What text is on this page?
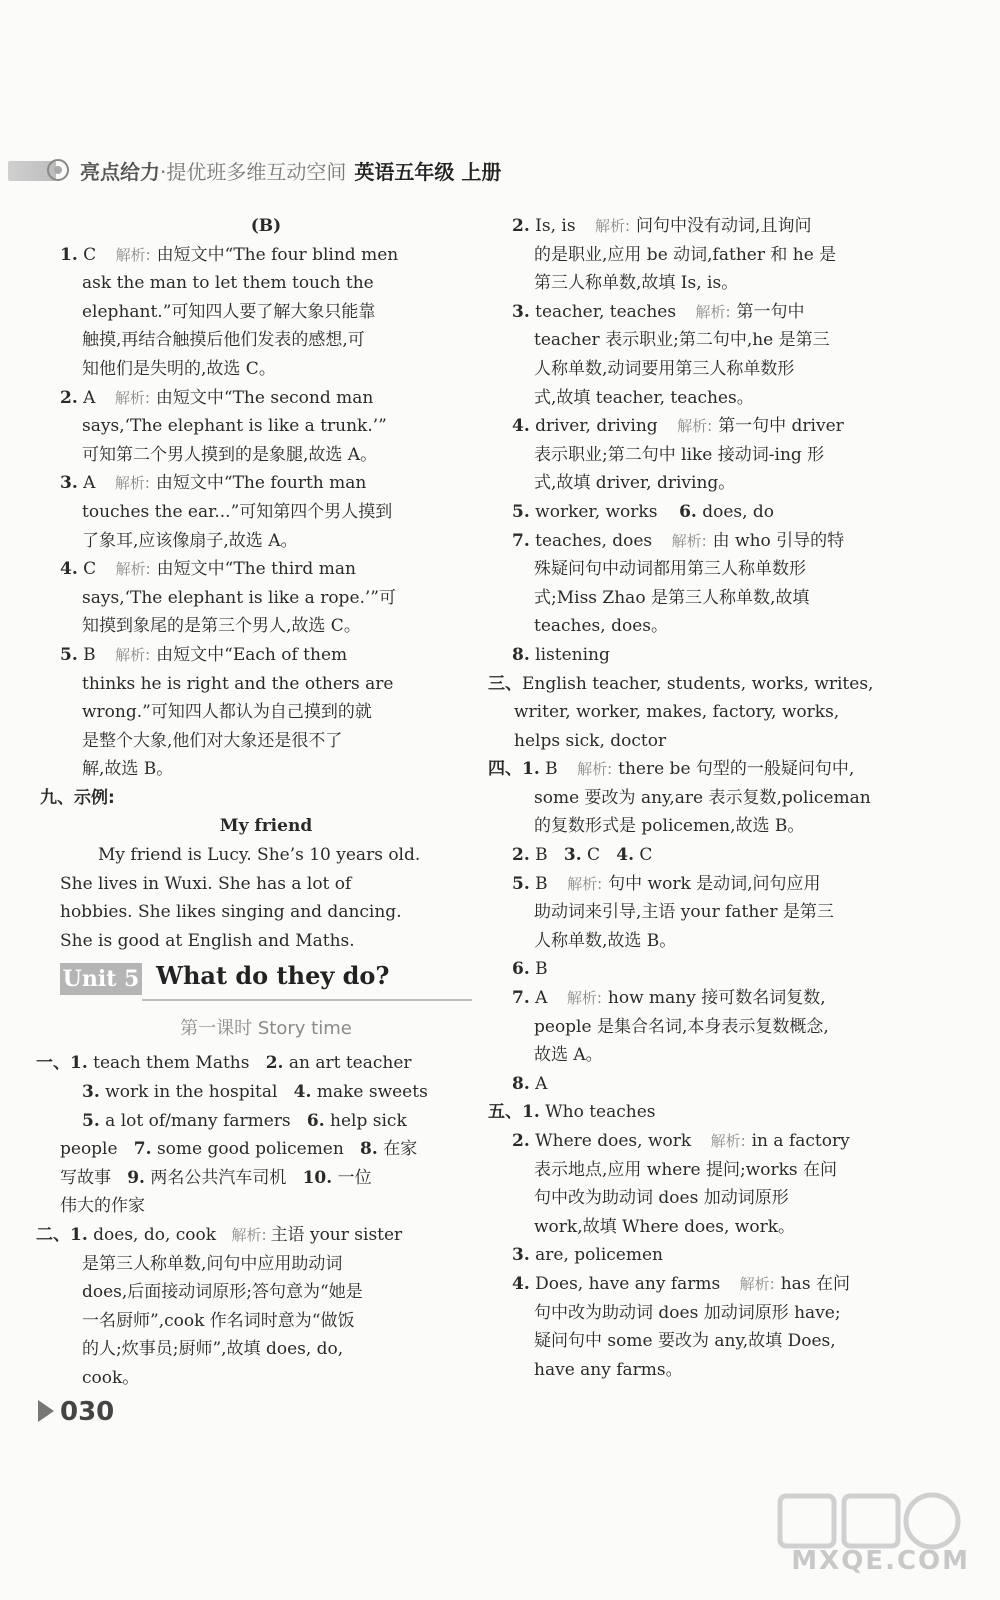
亮点给力·提优班多维互动空间 英语五年级 上册
(B)
1. C 解析: 由短文中“The four blind men
ask the man to let them touch the
elephant.”可知四人要了解大象只能靠
触摸,再结合触摸后他们发表的感想,可
知他们是失明的,故选 C。
2. A 解析: 由短文中“The second man
says,‘The elephant is like a trunk.’”
可知第二个男人摸到的是象腿,故选 A。
3. A 解析: 由短文中“The fourth man
touches the ear...”可知第四个男人摸到
了象耳,应该像扇子,故选 A。
4. C 解析: 由短文中“The third man
says,‘The elephant is like a rope.’”可
知摸到象尾的是第三个男人,故选 C。
5. B 解析: 由短文中“Each of them
thinks he is right and the others are
wrong.”可知四人都认为自己摸到的就
是整个大象,他们对大象还是很不了
解,故选 B。
九、示例:
My friend
My friend is Lucy. She’s 10 years old.
She lives in Wuxi. She has a lot of
hobbies. She likes singing and dancing.
She is good at English and Maths.
Unit 5 What do they do?
第一课时 Story time
一、1. teach them Maths 2. an art teacher
3. work in the hospital 4. make sweets
5. a lot of/many farmers 6. help sick
people 7. some good policemen 8. 在家
写故事 9. 两名公共汽车司机 10. 一位
伟大的作家
二、1. does, do, cook 解析: 主语 your sister
是第三人称单数,问句中应用助动词
does,后面接动词原形;答句意为“她是
一名厨师”,cook 作名词时意为“做饭
的人;炊事员;厨师”,故填 does, do,
cook。
2. Is, is 解析: 问句中没有动词,且询问
的是职业,应用 be 动词,father 和 he 是
第三人称单数,故填 Is, is。
3. teacher, teaches 解析: 第一句中
teacher 表示职业;第二句中,he 是第三
人称单数,动词要用第三人称单数形
式,故填 teacher, teaches。
4. driver, driving 解析: 第一句中 driver
表示职业;第二句中 like 接动词-ing 形
式,故填 driver, driving。
5. worker, works 6. does, do
7. teaches, does 解析: 由 who 引导的特
殊疑问句中动词都用第三人称单数形
式;Miss Zhao 是第三人称单数,故填
teaches, does。
8. listening
三、English teacher, students, works, writes,
writer, worker, makes, factory, works,
helps sick, doctor
四、1. B 解析: there be 句型的一般疑问句中,
some 要改为 any,are 表示复数,policeman
的复数形式是 policemen,故选 B。
2. B 3. C 4. C
5. B 解析: 句中 work 是动词,问句应用
助动词来引导,主语 your father 是第三
人称单数,故选 B。
6. B
7. A 解析: how many 接可数名词复数,
people 是集合名词,本身表示复数概念,
故选 A。
8. A
五、1. Who teaches
2. Where does, work 解析: in a factory
表示地点,应用 where 提问;works 在问
句中改为助动词 does 加动词原形
work,故填 Where does, work。
3. are, policemen
4. Does, have any farms 解析: has 在问
句中改为助动词 does 加动词原形 have;
疑问句中 some 要改为 any,故填 Does,
have any farms。
030
MXQE.COM
